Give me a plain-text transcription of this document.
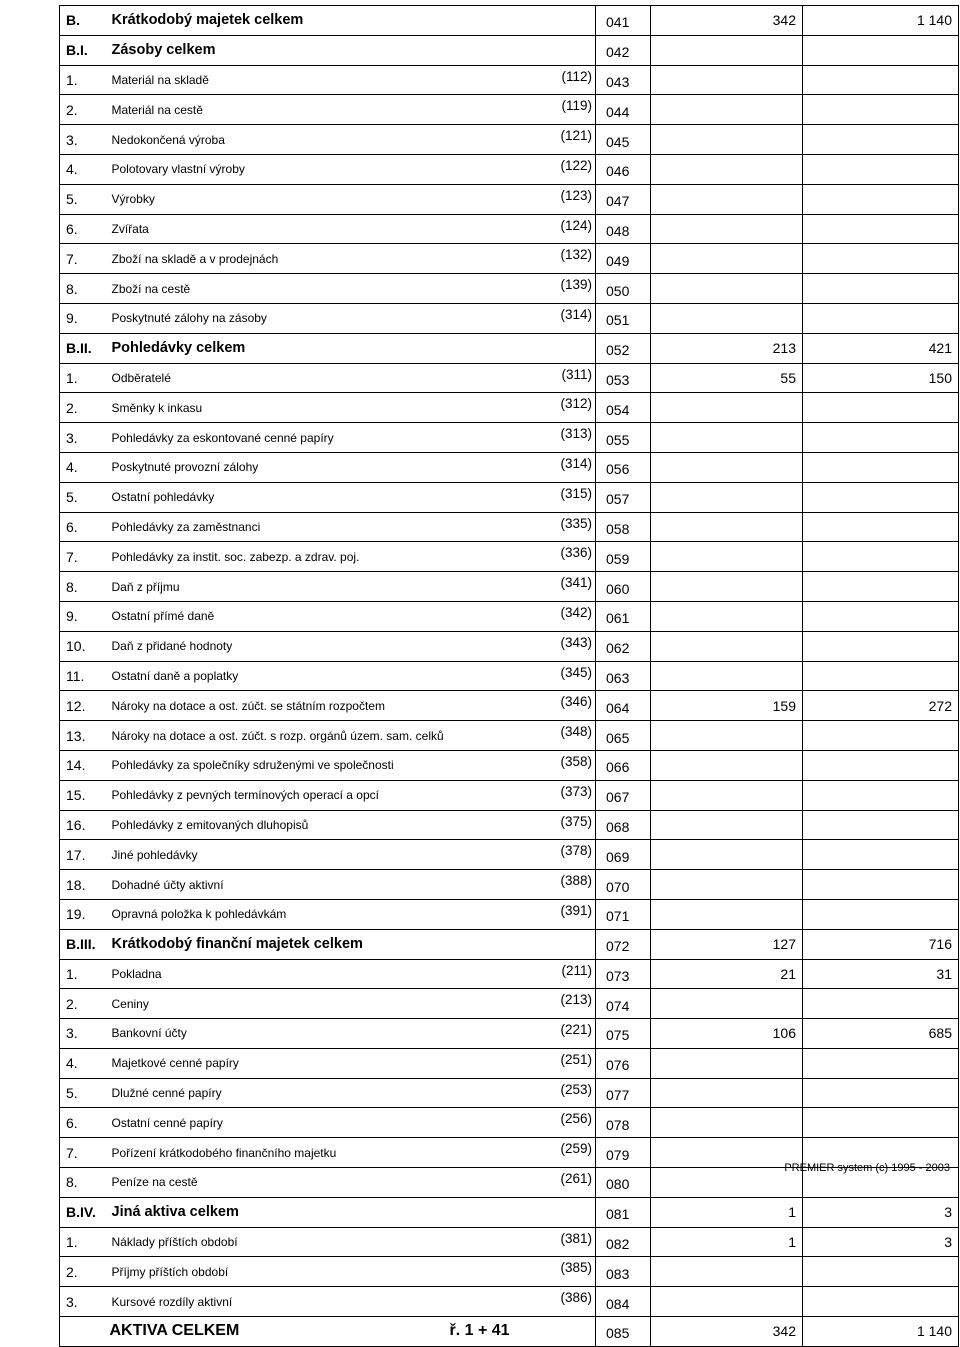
B.	Krátkodobý majetek celkem		041	342	1 140
B.I.	Zásoby celkem		042		
1.	Materiál na skladě	(112)	043		
2.	Materiál na cestě	(119)	044		
3.	Nedokončená výroba	(121)	045		
4.	Polotovary vlastní výroby	(122)	046		
5.	Výrobky	(123)	047		
6.	Zvířata	(124)	048		
7.	Zboží na skladě a v prodejnách	(132)	049		
8.	Zboží na cestě	(139)	050		
9.	Poskytnuté zálohy na zásoby	(314)	051		
B.II.	Pohledávky celkem		052	213	421
1.	Odběratelé	(311)	053	55	150
2.	Směnky k inkasu	(312)	054		
3.	Pohledávky za eskontované cenné papíry	(313)	055		
4.	Poskytnuté provozní zálohy	(314)	056		
5.	Ostatní pohledávky	(315)	057		
6.	Pohledávky za zaměstnanci	(335)	058		
7.	Pohledávky za instit. soc. zabezp. a zdrav. poj.	(336)	059		
8.	Daň z příjmu	(341)	060		
9.	Ostatní přímé daně	(342)	061		
10.	Daň z přidané hodnoty	(343)	062		
11.	Ostatní daně a poplatky	(345)	063		
12.	Nároky na dotace a ost. zúčt. se státním rozpočtem	(346)	064	159	272
13.	Nároky na dotace a ost. zúčt. s rozp. orgánů územ. sam. celků	(348)	065		
14.	Pohledávky za společníky sdruženými ve společnosti	(358)	066		
15.	Pohledávky z pevných termínových operací a opcí	(373)	067		
16.	Pohledávky z emitovaných dluhopisů	(375)	068		
17.	Jiné pohledávky	(378)	069		
18.	Dohadné účty aktivní	(388)	070		
19.	Opravná položka k pohledávkám	(391)	071		
B.III.	Krátkodobý finanční majetek celkem		072	127	716
1.	Pokladna	(211)	073	21	31
2.	Ceniny	(213)	074		
3.	Bankovní účty	(221)	075	106	685
4.	Majetkové cenné papíry	(251)	076		
5.	Dlužné cenné papíry	(253)	077		
6.	Ostatní cenné papíry	(256)	078		
7.	Pořízení krátkodobého finančního majetku	(259)	079		
8.	Peníze na cestě	(261)	080		
B.IV.	Jiná aktiva celkem		081	1	3
1.	Náklady příštích období	(381)	082	1	3
2.	Příjmy příštích období	(385)	083		
3.	Kursové rozdíly aktivní	(386)	084		

	AKTIVA CELKEM ř. 1 + 41		085	342	1 140
PREMIER system (c) 1995 - 2003
